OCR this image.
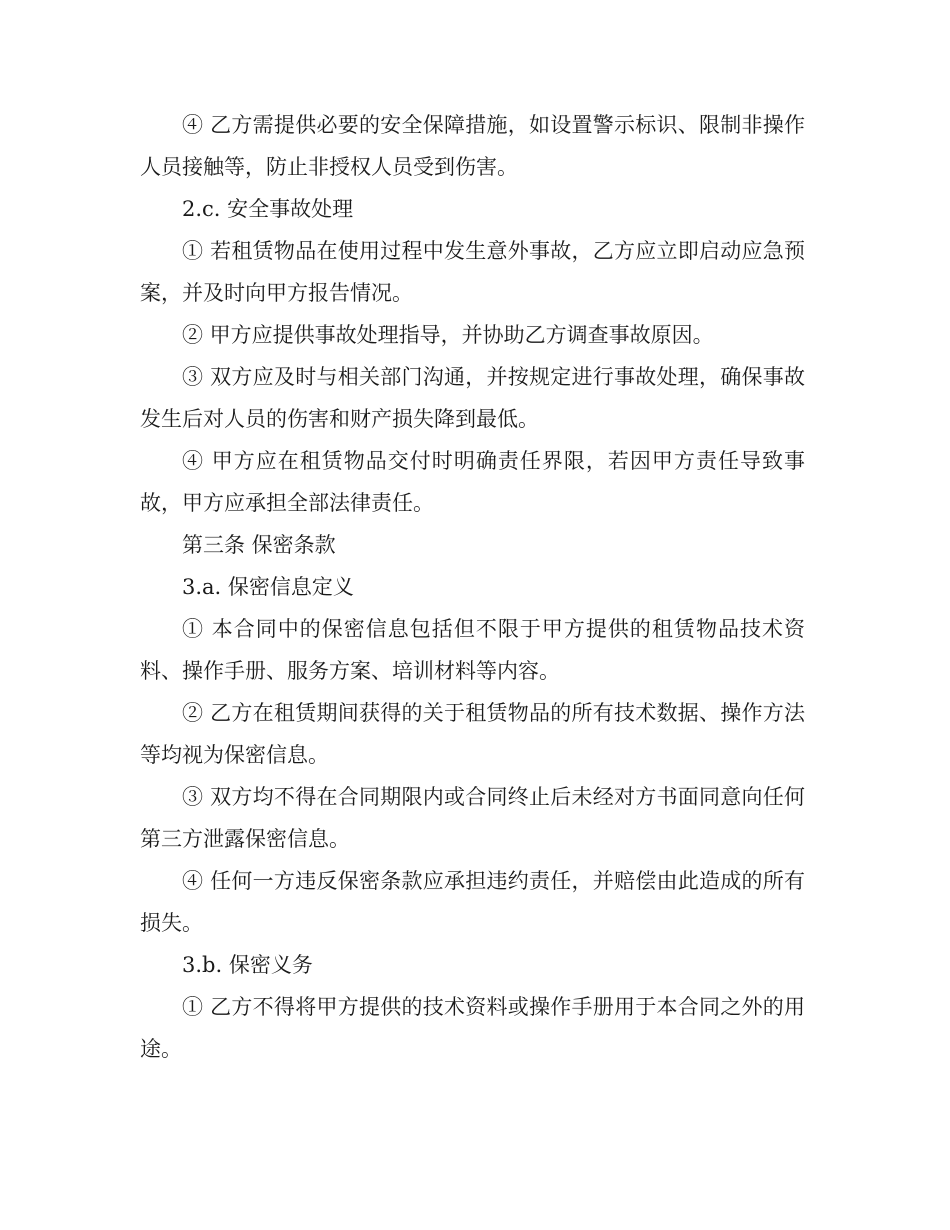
④ 乙方需提供必要的安全保障措施，如设置警示标识、限制非操作人员接触等，防止非授权人员受到伤害。

2.c. 安全事故处理

① 若租赁物品在使用过程中发生意外事故，乙方应立即启动应急预案，并及时向甲方报告情况。

② 甲方应提供事故处理指导，并协助乙方调查事故原因。

③ 双方应及时与相关部门沟通，并按规定进行事故处理，确保事故发生后对人员的伤害和财产损失降到最低。

④ 甲方应在租赁物品交付时明确责任界限，若因甲方责任导致事故，甲方应承担全部法律责任。

第三条 保密条款

3.a. 保密信息定义

① 本合同中的保密信息包括但不限于甲方提供的租赁物品技术资料、操作手册、服务方案、培训材料等内容。

② 乙方在租赁期间获得的关于租赁物品的所有技术数据、操作方法等均视为保密信息。

③ 双方均不得在合同期限内或合同终止后未经对方书面同意向任何第三方泄露保密信息。

④ 任何一方违反保密条款应承担违约责任，并赔偿由此造成的所有损失。

3.b. 保密义务

① 乙方不得将甲方提供的技术资料或操作手册用于本合同之外的用途。
